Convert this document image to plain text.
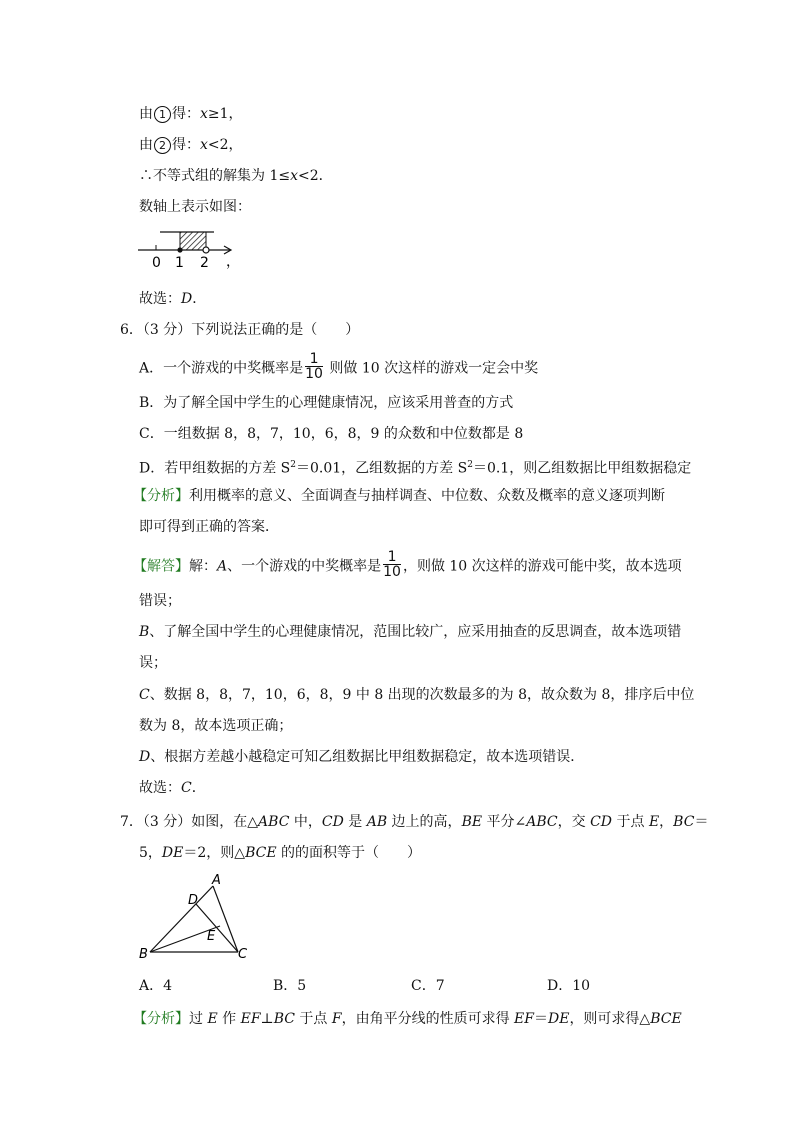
由 1 得：x≥1，
由 2 得：x<2，
∴不等式组的解集为 1≤x<2．
数轴上表示如图：
0 1 2 ，
故选：D．
6．（3 分）下列说法正确的是（　　）
A．一个游戏的中奖概率是 $\frac{1}{10}$ 则做 10 次这样的游戏一定会中奖
B．为了解全国中学生的心理健康情况，应该采用普查的方式
C．一组数据 8，8，7，10，6，8，9 的众数和中位数都是 8
D．若甲组数据的方差 $S^2=0.01$，乙组数据的方差 $S^2=0.1$，则乙组数据比甲组数据稳定
【分析】利用概率的意义、全面调查与抽样调查、中位数、众数及概率的意义逐项判断
即可得到正确的答案．
【解答】解：A、一个游戏的中奖概率是 $\frac{1}{10}$ ，则做 10 次这样的游戏可能中奖，故本选项
错误；
B、了解全国中学生的心理健康情况，范围比较广，应采用抽查的反思调查，故本选项错
误；
C、数据 8，8，7，10，6，8，9 中 8 出现的次数最多的为 8，故众数为 8，排序后中位
数为 8，故本选项正确；
D、根据方差越小越稳定可知乙组数据比甲组数据稳定，故本选项错误．
故选：C．
7．（3 分）如图，在△ABC 中，CD 是 AB 边上的高，BE 平分∠ABC，交 CD 于点 E，BC＝
5，DE＝2，则△BCE 的的面积等于（　　）
A
D
E
B	C
A．4	B．5	C．7	D．10
【分析】过 E 作 EF⊥BC 于点 F，由角平分线的性质可求得 EF＝DE，则可求得△BCE
